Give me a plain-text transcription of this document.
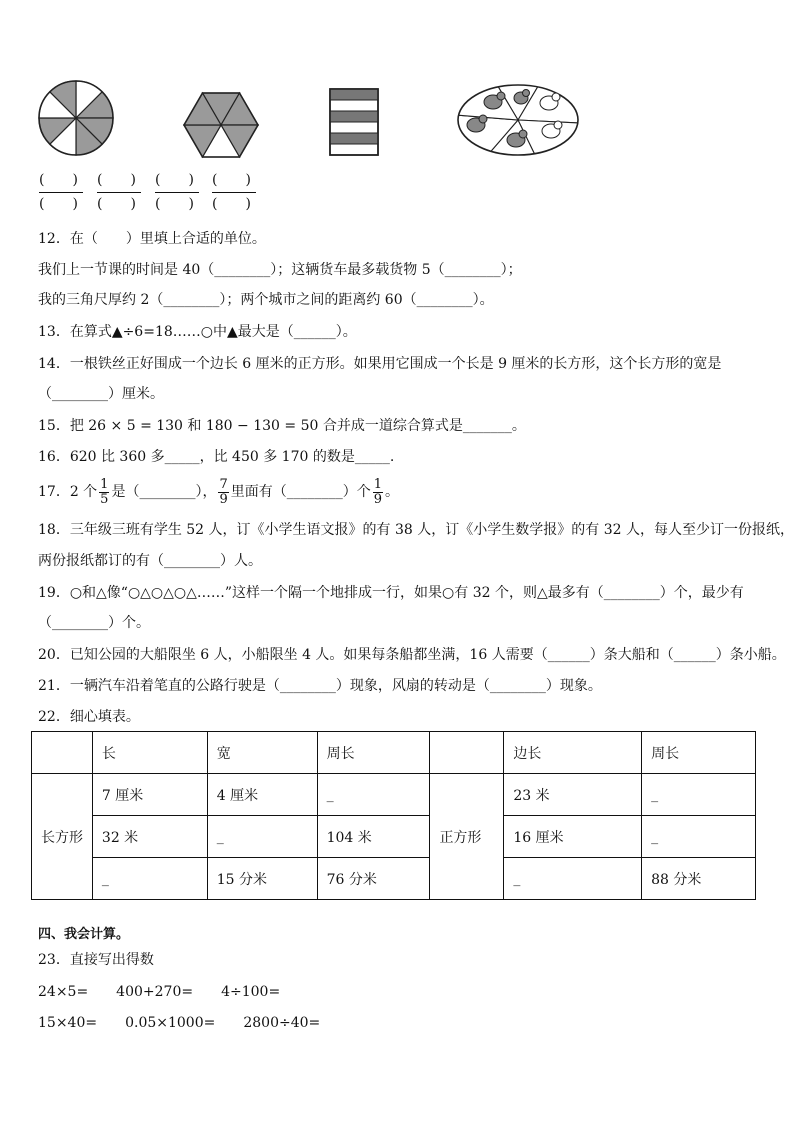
(　　)
(　　)
(　　)
(　　)
(　　)
(　　)
(　　)
(　　)
12．在（　　）里填上合适的单位。
我们上一节课的时间是 40（________）；这辆货车最多载货物 5（________）；
我的三角尺厚约 2（________）；两个城市之间的距离约 60（________）。
13．在算式▲÷6=18……○中▲最大是（______）。
14．一根铁丝正好围成一个边长 6 厘米的正方形。如果用它围成一个长是 9 厘米的长方形，这个长方形的宽是
（________）厘米。
15．把 26 × 5 = 130 和 180 − 130 = 50 合并成一道综合算式是_______。
16．620 比 360 多_____，比 450 多 170 的数是_____.
17．2 个 $\frac{1}{5}$ 是（________）， $\frac{7}{9}$ 里面有（________）个 $\frac{1}{9}$ 。
18．三年级三班有学生 52 人，订《小学生语文报》的有 38 人，订《小学生数学报》的有 32 人，每人至少订一份报纸，
两份报纸都订的有（________）人。
19．○和△像“○△○△○△……”这样一个隔一个地排成一行，如果○有 32 个，则△最多有（________）个，最少有
（________）个。
20．已知公园的大船限坐 6 人，小船限坐 4 人。如果每条船都坐满，16 人需要（______）条大船和（______）条小船。
21．一辆汽车沿着笔直的公路行驶是（________）现象，风扇的转动是（________）现象。
22．细心填表。
	长	宽	周长		边长	周长
长方形	7 厘米	4 厘米	_	正方形	23 米	_
	32 米	_	104 米		16 厘米	_
	_	15 分米	76 分米		_	88 分米
四、我会计算。
23．直接写出得数
24×5=　　400+270=　　4÷100=
15×40=　　0.05×1000=　　2800÷40=
